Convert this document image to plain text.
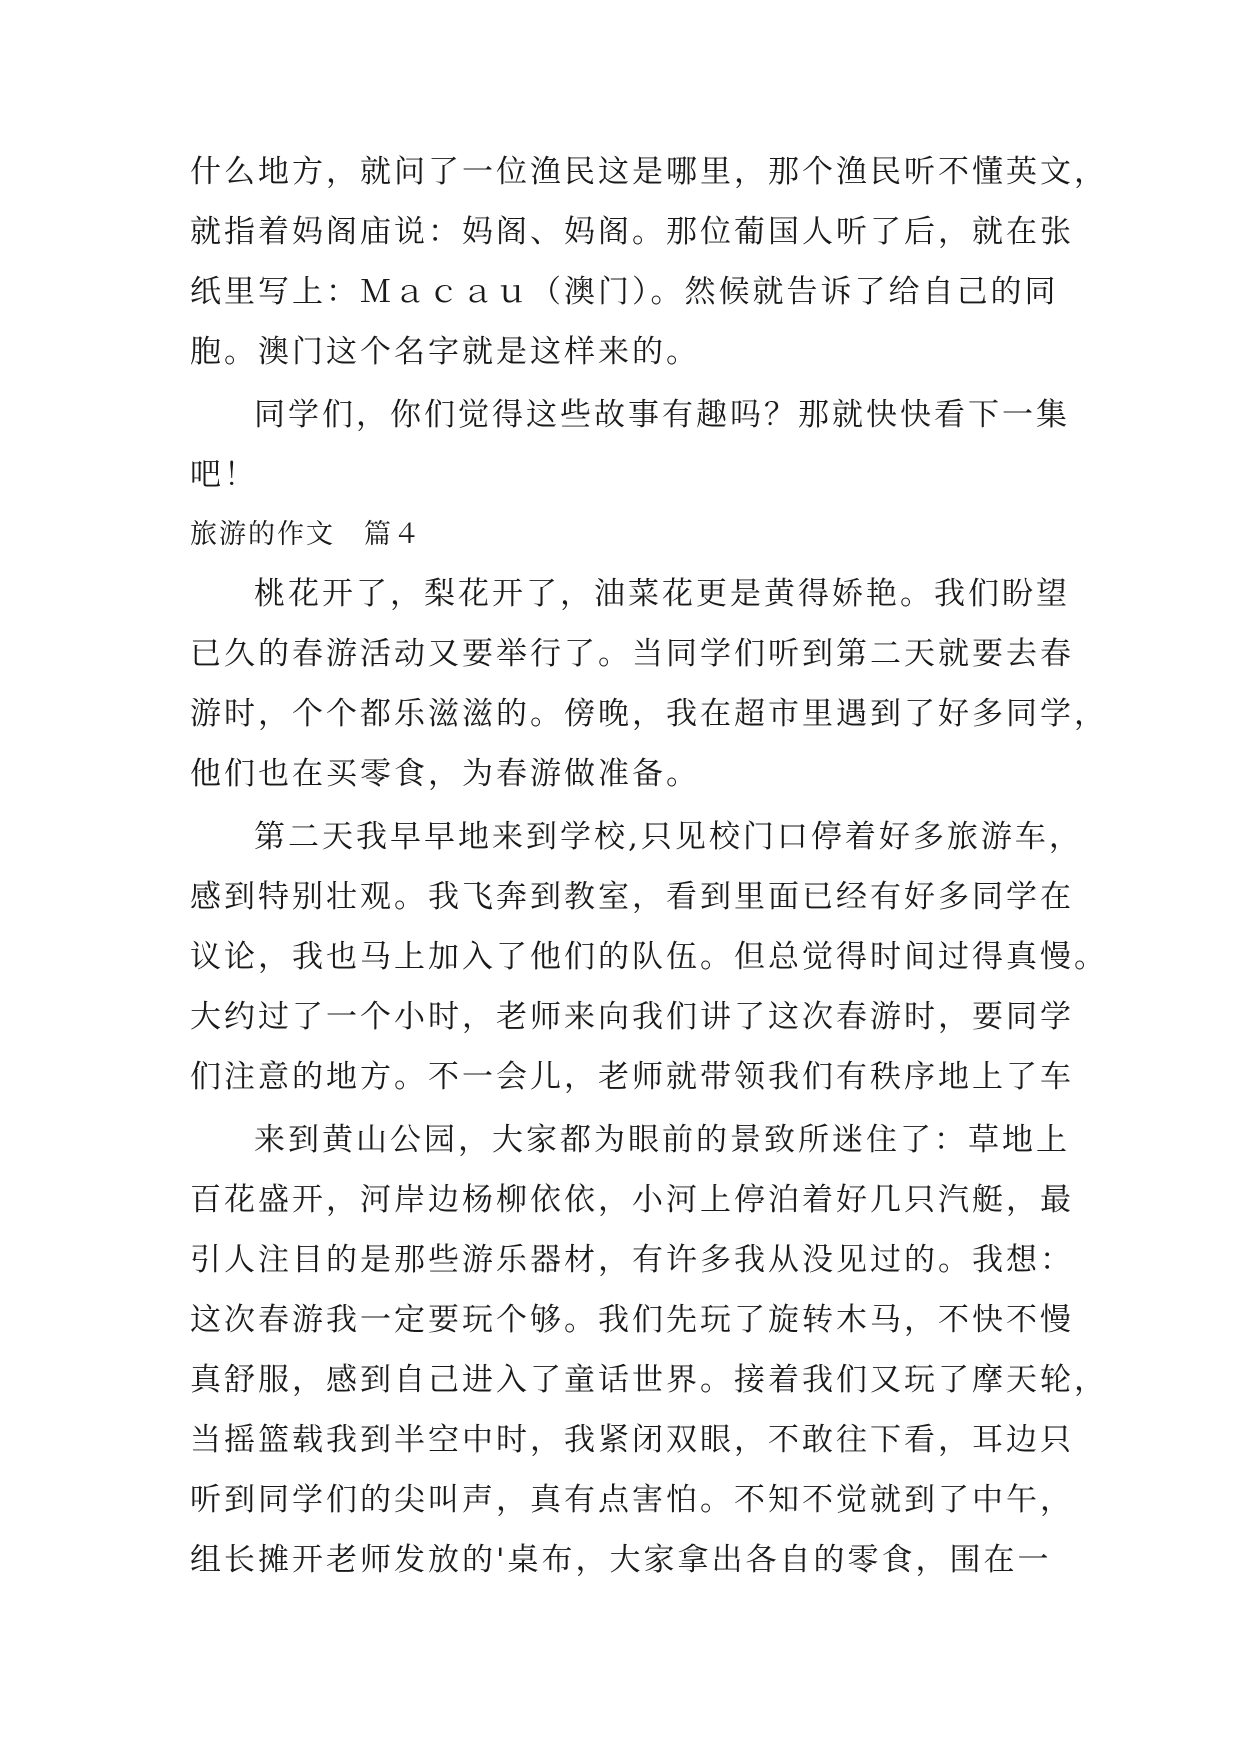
什么地方，就问了一位渔民这是哪里，那个渔民听不懂英文，
就指着妈阁庙说：妈阁、妈阁。那位葡国人听了后，就在张
纸里写上：Ｍａｃａｕ（澳门）。然候就告诉了给自己的同
胞。澳门这个名字就是这样来的。
同学们，你们觉得这些故事有趣吗？那就快快看下一集
吧！
旅游的作文　篇４
桃花开了，梨花开了，油菜花更是黄得娇艳。我们盼望
已久的春游活动又要举行了。当同学们听到第二天就要去春
游时，个个都乐滋滋的。傍晚，我在超市里遇到了好多同学，
他们也在买零食，为春游做准备。
第二天我早早地来到学校,只见校门口停着好多旅游车，
感到特别壮观。我飞奔到教室，看到里面已经有好多同学在
议论，我也马上加入了他们的队伍。但总觉得时间过得真慢。
大约过了一个小时，老师来向我们讲了这次春游时，要同学
们注意的地方。不一会儿，老师就带领我们有秩序地上了车
来到黄山公园，大家都为眼前的景致所迷住了：草地上
百花盛开，河岸边杨柳依依，小河上停泊着好几只汽艇，最
引人注目的是那些游乐器材，有许多我从没见过的。我想：
这次春游我一定要玩个够。我们先玩了旋转木马，不快不慢
真舒服，感到自己进入了童话世界。接着我们又玩了摩天轮，
当摇篮载我到半空中时，我紧闭双眼，不敢往下看，耳边只
听到同学们的尖叫声，真有点害怕。不知不觉就到了中午，
组长摊开老师发放的'桌布，大家拿出各自的零食，围在一
